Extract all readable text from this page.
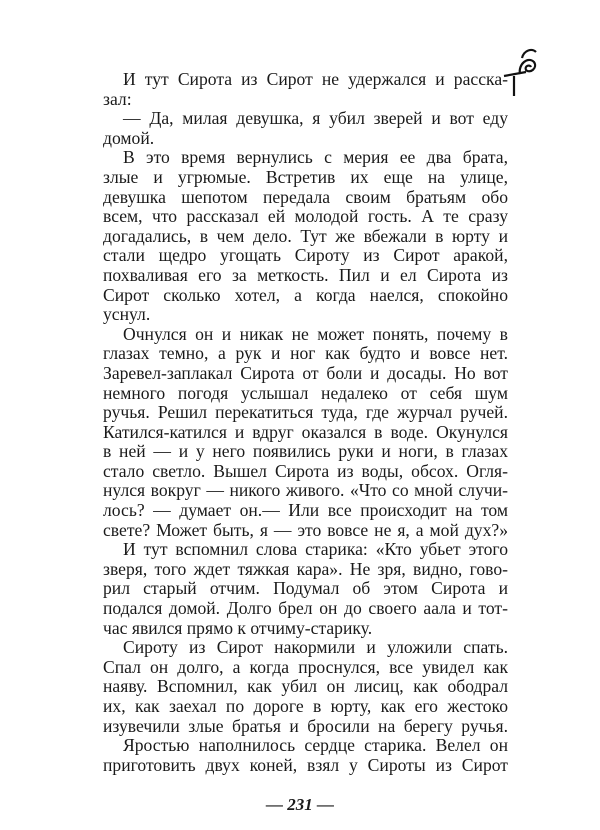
И тут Сирота из Сирот не удержался и расска-
зал:
— Да, милая девушка, я убил зверей и вот еду
домой.
В это время вернулись с мерия ее два брата,
злые и угрюмые. Встретив их еще на улице,
девушка шепотом передала своим братьям обо
всем, что рассказал ей молодой гость. А те сразу
догадались, в чем дело. Тут же вбежали в юрту и
стали щедро угощать Сироту из Сирот аракой,
похваливая его за меткость. Пил и ел Сирота из
Сирот сколько хотел, а когда наелся, спокойно
уснул.
Очнулся он и никак не может понять, почему в
глазах темно, а рук и ног как будто и вовсе нет.
Заревел-заплакал Сирота от боли и досады. Но вот
немного погодя услышал недалеко от себя шум
ручья. Решил перекатиться туда, где журчал ручей.
Катился-катился и вдруг оказался в воде. Окунулся
в ней — и у него появились руки и ноги, в глазах
стало светло. Вышел Сирота из воды, обсох. Огля-
нулся вокруг — никого живого. «Что со мной случи-
лось? — думает он.— Или все происходит на том
свете? Может быть, я — это вовсе не я, а мой дух?»
И тут вспомнил слова старика: «Кто убьет этого
зверя, того ждет тяжкая кара». Не зря, видно, гово-
рил старый отчим. Подумал об этом Сирота и
подался домой. Долго брел он до своего аала и тот-
час явился прямо к отчиму-старику.
Сироту из Сирот накормили и уложили спать.
Спал он долго, а когда проснулся, все увидел как
наяву. Вспомнил, как убил он лисиц, как ободрал
их, как заехал по дороге в юрту, как его жестоко
изувечили злые братья и бросили на берегу ручья.
Яростью наполнилось сердце старика. Велел он
приготовить двух коней, взял у Сироты из Сирот
— 231 —
